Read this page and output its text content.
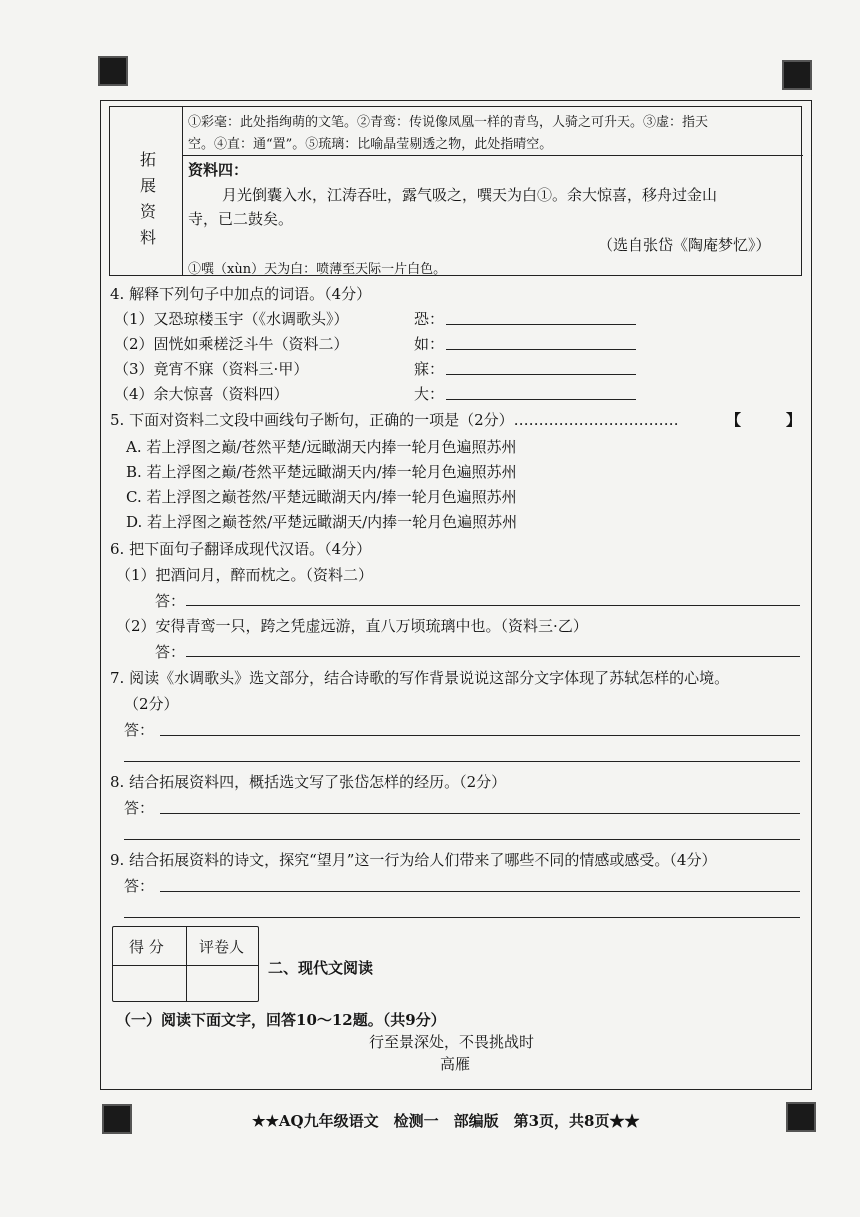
拓展资料
①彩毫：此处指绚萌的文笔。②青鸾：传说像凤凰一样的青鸟，人骑之可升天。③虚：指天
空。④直：通“置”。⑤琉璃：比喻晶莹剔透之物，此处指晴空。
资料四：
月光倒囊入水，江涛吞吐，露气吸之，噀天为白①。余大惊喜，移舟过金山
寺，已二鼓矣。
（选自张岱《陶庵梦忆》）
①噀（xùn）天为白：喷薄至天际一片白色。
4. 解释下列句子中加点的词语。（4分）
（1）又恐琼楼玉宇（《水调歌头》）	恐：
（2）固恍如乘槎泛斗牛（资料二）	如：
（3）竟宵不寐（资料三·甲）	寐：
（4）余大惊喜（资料四）	大：
5. 下面对资料二文段中画线句子断句，正确的一项是（2分）……………………………	【	】
A. 若上浮图之巅/苍然平楚/远瞰湖天内捧一轮月色遍照苏州
B. 若上浮图之巅/苍然平楚远瞰湖天内/捧一轮月色遍照苏州
C. 若上浮图之巅苍然/平楚远瞰湖天内/捧一轮月色遍照苏州
D. 若上浮图之巅苍然/平楚远瞰湖天/内捧一轮月色遍照苏州
6. 把下面句子翻译成现代汉语。（4分）
（1）把酒问月，醉而枕之。（资料二）
答：
（2）安得青鸾一只，跨之凭虚远游，直八万顷琉璃中也。（资料三·乙）
答：
7. 阅读《水调歌头》选文部分，结合诗歌的写作背景说说这部分文字体现了苏轼怎样的心境。
（2分）
答：
8. 结合拓展资料四，概括选文写了张岱怎样的经历。（2分）
答：
9. 结合拓展资料的诗文，探究“望月”这一行为给人们带来了哪些不同的情感或感受。（4分）
答：
得 分 评卷人
二、现代文阅读
（一）阅读下面文字，回答10～12题。（共9分）
行至景深处，不畏挑战时
高雁
★★AQ九年级语文　检测一　部编版　第3页，共8页★★
